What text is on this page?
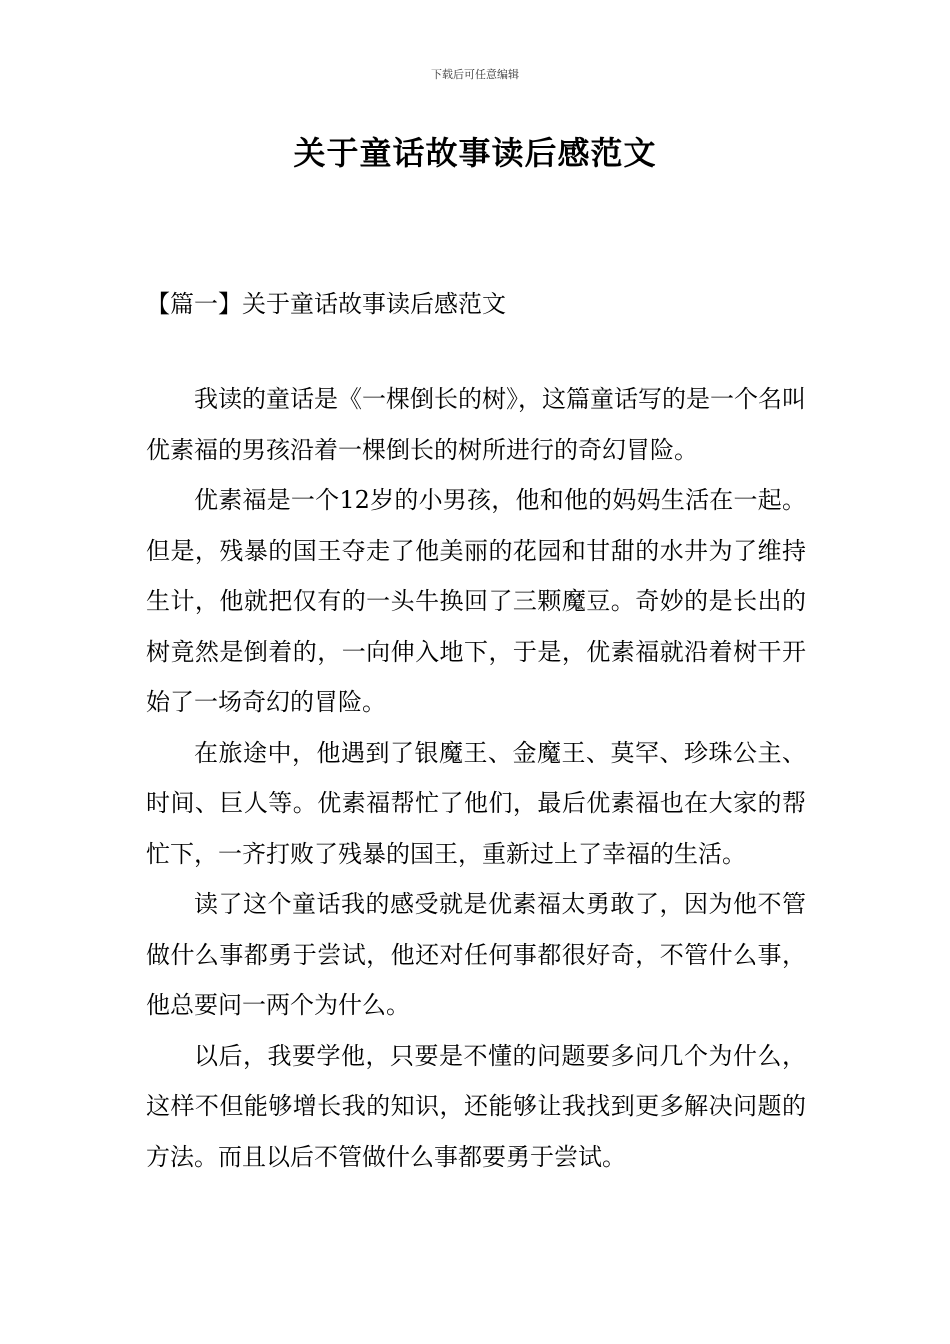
下载后可任意编辑
关于童话故事读后感范文
【篇一】关于童话故事读后感范文

我读的童话是《一棵倒长的树》，这篇童话写的是一个名叫优素福的男孩沿着一棵倒长的树所进行的奇幻冒险。

优素福是一个12岁的小男孩，他和他的妈妈生活在一起。但是，残暴的国王夺走了他美丽的花园和甘甜的水井为了维持生计，他就把仅有的一头牛换回了三颗魔豆。奇妙的是长出的树竟然是倒着的，一向伸入地下，于是，优素福就沿着树干开始了一场奇幻的冒险。

在旅途中，他遇到了银魔王、金魔王、莫罕、珍珠公主、时间、巨人等。优素福帮忙了他们，最后优素福也在大家的帮忙下，一齐打败了残暴的国王，重新过上了幸福的生活。

读了这个童话我的感受就是优素福太勇敢了，因为他不管做什么事都勇于尝试，他还对任何事都很好奇，不管什么事，他总要问一两个为什么。

以后，我要学他，只要是不懂的问题要多问几个为什么，这样不但能够增长我的知识，还能够让我找到更多解决问题的方法。而且以后不管做什么事都要勇于尝试。
